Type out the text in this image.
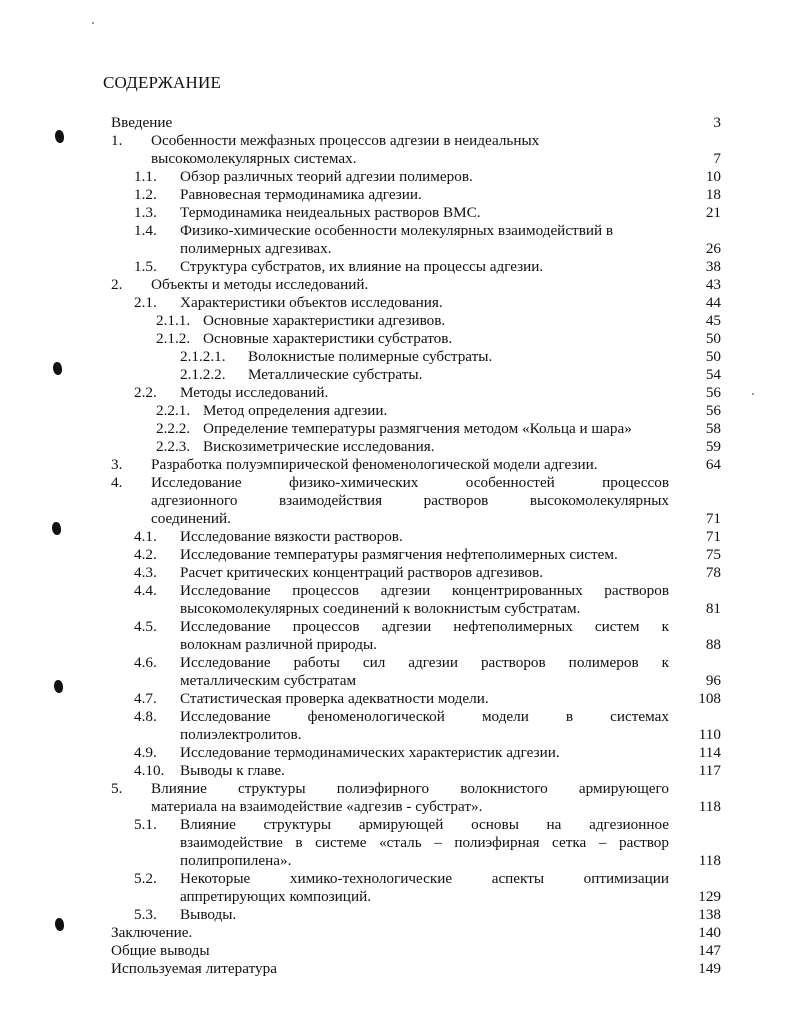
СОДЕРЖАНИЕ
Введение	3
1. Особенности межфазных процессов адгезии в неидеальных
высокомолекулярных системах.	7
1.1. Обзор различных теорий адгезии полимеров.	10
1.2. Равновесная термодинамика адгезии.	18
1.3. Термодинамика неидеальных растворов ВМС.	21
1.4. Физико-химические особенности молекулярных взаимодействий в
полимерных адгезивах.	26
1.5. Структура субстратов, их влияние на процессы адгезии.	38
2. Объекты и методы исследований.	43
2.1. Характеристики объектов исследования.	44
2.1.1. Основные характеристики адгезивов.	45
2.1.2. Основные характеристики субстратов.	50
2.1.2.1. Волокнистые полимерные субстраты.	50
2.1.2.2. Металлические субстраты.	54
2.2. Методы исследований.	56
2.2.1. Метод определения адгезии.	56
2.2.2. Определение температуры размягчения методом «Кольца и шара»	58
2.2.3. Вискозиметрические исследования.	59
3. Разработка полуэмпирической феноменологической модели адгезии.	64
4. Исследование физико-химических особенностей процессов
адгезионного взаимодействия растворов высокомолекулярных
соединений.	71
4.1. Исследование вязкости растворов.	71
4.2. Исследование температуры размягчения нефтеполимерных систем.	75
4.3. Расчет критических концентраций растворов адгезивов.	78
4.4. Исследование процессов адгезии концентрированных растворов
высокомолекулярных соединений к волокнистым субстратам.	81
4.5. Исследование процессов адгезии нефтеполимерных систем к
волокнам различной природы.	88
4.6. Исследование работы сил адгезии растворов полимеров к
металлическим субстратам	96
4.7. Статистическая проверка адекватности модели.	108
4.8. Исследование феноменологической модели в системах
полиэлектролитов.	110
4.9. Исследование термодинамических характеристик адгезии.	114
4.10. Выводы к главе.	117
5. Влияние структуры полиэфирного волокнистого армирующего
материала на взаимодействие «адгезив - субстрат».	118
5.1. Влияние структуры армирующей основы на адгезионное
взаимодействие в системе «сталь – полиэфирная сетка – раствор
полипропилена».	118
5.2. Некоторые химико-технологические аспекты оптимизации
аппретирующих композиций.	129
5.3. Выводы.	138
Заключение.	140
Общие выводы	147
Используемая литература	149
